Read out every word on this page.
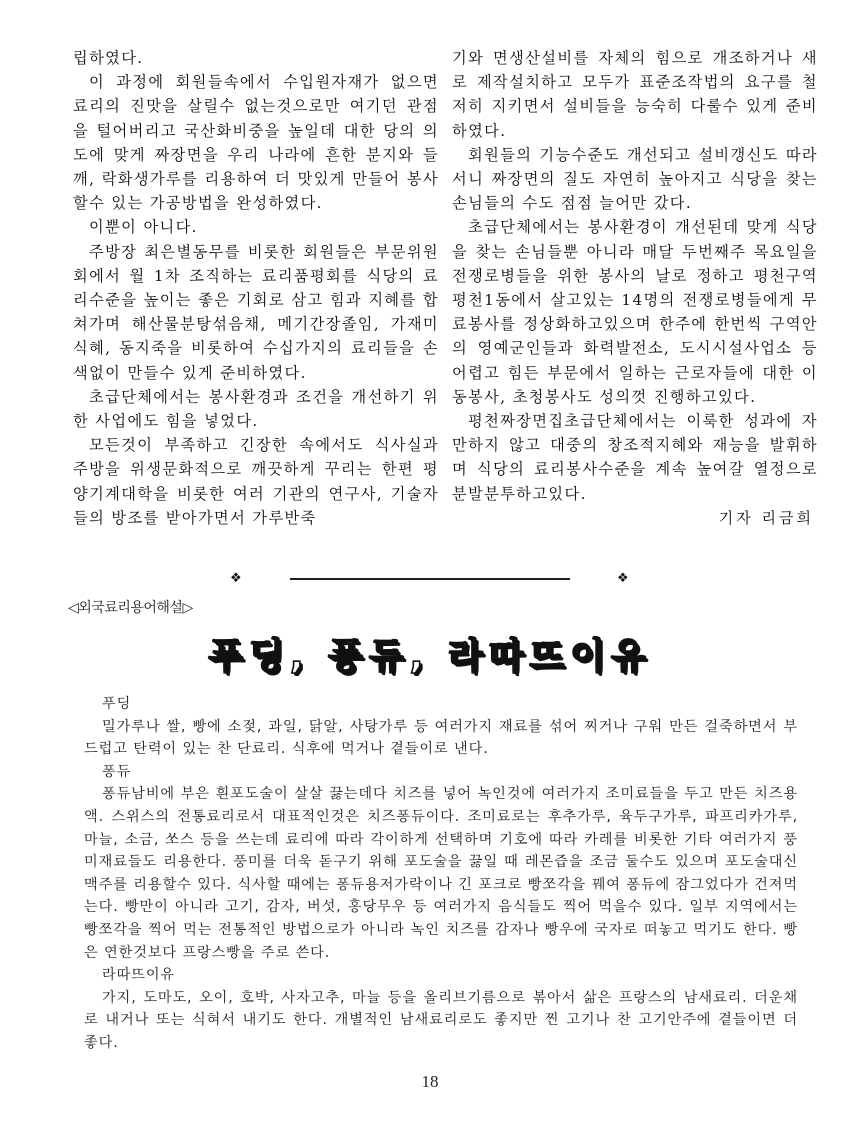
립하였다.

이 과정에 회원들속에서 수입원자재가 없으면 료리의 진맛을 살릴수 없는것으로만 여기던 관점을 털어버리고 국산화비중을 높일데 대한 당의 의도에 맞게 짜장면을 우리 나라에 흔한 분지와 들깨, 락화생가루를 리용하여 더 맛있게 만들어 봉사할수 있는 가공방법을 완성하였다.

이뿐이 아니다.

주방장 최은별동무를 비롯한 회원들은 부문위원회에서 월 1차 조직하는 료리품평회를 식당의 료리수준을 높이는 좋은 기회로 삼고 힘과 지혜를 합쳐가며 해산물분탕섞음채, 메기간장졸임, 가재미식혜, 동지죽을 비롯하여 수십가지의 료리들을 손색없이 만들수 있게 준비하였다.

초급단체에서는 봉사환경과 조건을 개선하기 위한 사업에도 힘을 넣었다.

모든것이 부족하고 긴장한 속에서도 식사실과 주방을 위생문화적으로 깨끗하게 꾸리는 한편 평양기계대학을 비롯한 여러 기관의 연구사, 기술자들의 방조를 받아가면서 가루반죽

기와 면생산설비를 자체의 힘으로 개조하거나 새로 제작설치하고 모두가 표준조작법의 요구를 철저히 지키면서 설비들을 능숙히 다룰수 있게 준비하였다.

회원들의 기능수준도 개선되고 설비갱신도 따라서니 짜장면의 질도 자연히 높아지고 식당을 찾는 손님들의 수도 점점 늘어만 갔다.

초급단체에서는 봉사환경이 개선된데 맞게 식당을 찾는 손님들뿐 아니라 매달 두번째주 목요일을 전쟁로병들을 위한 봉사의 날로 정하고 평천구역 평천1동에서 살고있는 14명의 전쟁로병들에게 무료봉사를 정상화하고있으며 한주에 한번씩 구역안의 영예군인들과 화력발전소, 도시시설사업소 등 어렵고 힘든 부문에서 일하는 근로자들에 대한 이동봉사, 초청봉사도 성의껏 진행하고있다.

평천짜장면집초급단체에서는 이룩한 성과에 자만하지 않고 대중의 창조적지혜와 재능을 발휘하며 식당의 료리봉사수준을 계속 높여갈 열정으로 분발분투하고있다.

기자 리금희
❖	❖
◁외국료리용어해설▷
푸딩, 퐁듀, 라따뜨이유
푸딩

밀가루나 쌀, 빵에 소젖, 과일, 닭알, 사탕가루 등 여러가지 재료를 섞어 찌거나 구워 만든 걸죽하면서 부드럽고 탄력이 있는 찬 단료리. 식후에 먹거나 곁들이로 낸다.

퐁듀

퐁듀남비에 부은 흰포도술이 살살 끓는데다 치즈를 넣어 녹인것에 여러가지 조미료들을 두고 만든 치즈용액. 스위스의 전통료리로서 대표적인것은 치즈퐁듀이다. 조미료로는 후추가루, 육두구가루, 파프리카가루, 마늘, 소금, 쏘스 등을 쓰는데 료리에 따라 각이하게 선택하며 기호에 따라 카레를 비롯한 기타 여러가지 풍미재료들도 리용한다. 풍미를 더욱 돋구기 위해 포도술을 끓일 때 레몬즙을 조금 둘수도 있으며 포도술대신 맥주를 리용할수 있다. 식사할 때에는 퐁듀용저가락이나 긴 포크로 빵쪼각을 꿰여 퐁듀에 잠그었다가 건져먹는다. 빵만이 아니라 고기, 감자, 버섯, 홍당무우 등 여러가지 음식들도 찍어 먹을수 있다. 일부 지역에서는 빵쪼각을 찍어 먹는 전통적인 방법으로가 아니라 녹인 치즈를 감자나 빵우에 국자로 떠놓고 먹기도 한다. 빵은 연한것보다 프랑스빵을 주로 쓴다.

라따뜨이유

가지, 도마도, 오이, 호박, 사자고추, 마늘 등을 올리브기름으로 볶아서 삶은 프랑스의 남새료리. 더운채로 내거나 또는 식혀서 내기도 한다. 개별적인 남새료리로도 좋지만 찐 고기나 찬 고기안주에 곁들이면 더 좋다.

18
